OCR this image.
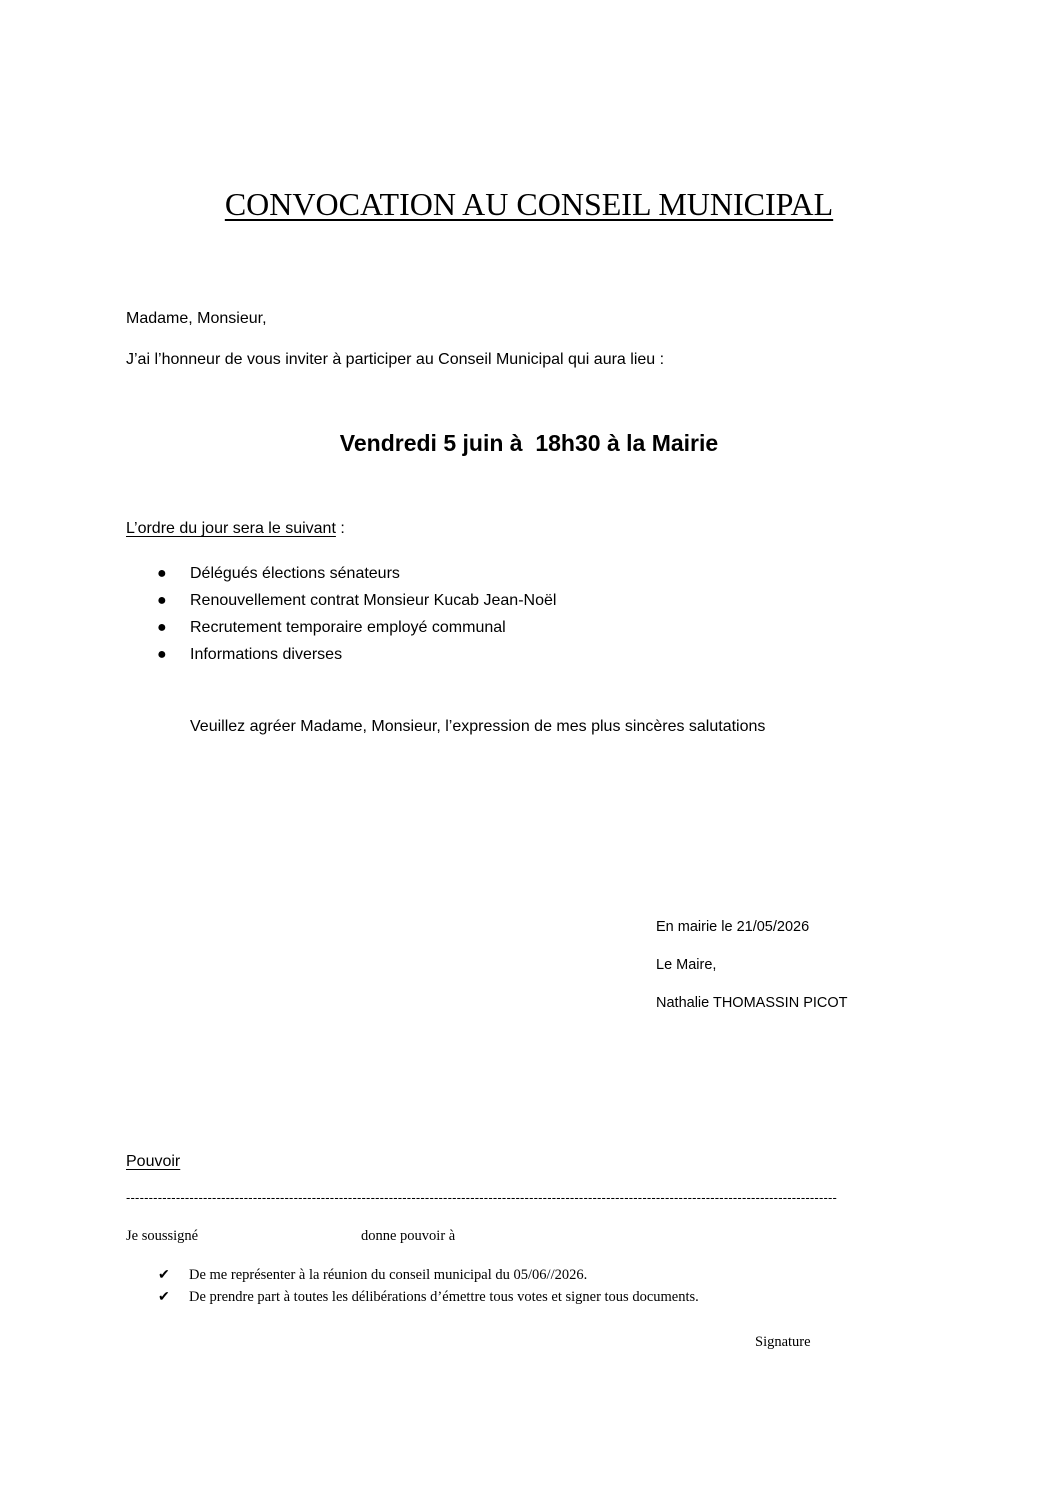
CONVOCATION AU CONSEIL MUNICIPAL
Madame, Monsieur,
J’ai l’honneur de vous inviter à participer au Conseil Municipal qui aura lieu :
Vendredi 5 juin à  18h30 à la Mairie
L’ordre du jour sera le suivant :
●	Délégués élections sénateurs
●	Renouvellement contrat Monsieur Kucab Jean-Noël
●	Recrutement temporaire employé communal
●	Informations diverses
Veuillez agréer Madame, Monsieur, l’expression de mes plus sincères salutations
En mairie le 21/05/2026
Le Maire,
Nathalie THOMASSIN PICOT
Pouvoir
-------------------------------------------------------------------------------------------------------------------------------------------------------------
Je soussigné	donne pouvoir à
✔	De me représenter à la réunion du conseil municipal du 05/06//2026.
✔	De prendre part à toutes les délibérations d’émettre tous votes et signer tous documents.
Signature
